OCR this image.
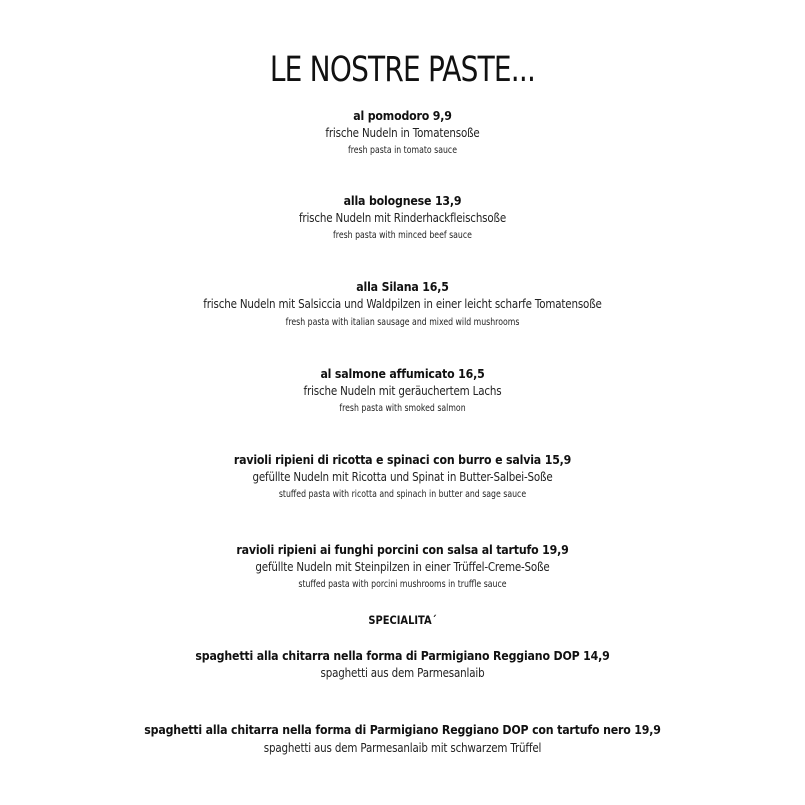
LE NOSTRE PASTE...
al pomodoro 9,9
frische Nudeln in Tomatensoße
fresh pasta in tomato sauce
alla bolognese 13,9
frische Nudeln mit Rinderhackfleischsoße
fresh pasta with minced beef sauce
alla Silana 16,5
frische Nudeln mit Salsiccia und Waldpilzen in einer leicht scharfe Tomatensoße
fresh pasta with italian sausage and mixed wild mushrooms
al salmone affumicato 16,5
frische Nudeln mit geräuchertem Lachs
fresh pasta with smoked salmon
ravioli ripieni di ricotta e spinaci con burro e salvia 15,9
gefüllte Nudeln mit Ricotta und Spinat in Butter-Salbei-Soße
stuffed pasta with ricotta and spinach in butter and sage sauce
ravioli ripieni ai funghi porcini con salsa al tartufo 19,9
gefüllte Nudeln mit Steinpilzen in einer Trüffel-Creme-Soße
stuffed pasta with porcini mushrooms in truffle sauce
SPECIALITA´
spaghetti alla chitarra nella forma di Parmigiano Reggiano DOP 14,9
spaghetti aus dem Parmesanlaib
spaghetti alla chitarra nella forma di Parmigiano Reggiano DOP con tartufo nero 19,9
spaghetti aus dem Parmesanlaib mit schwarzem Trüffel
